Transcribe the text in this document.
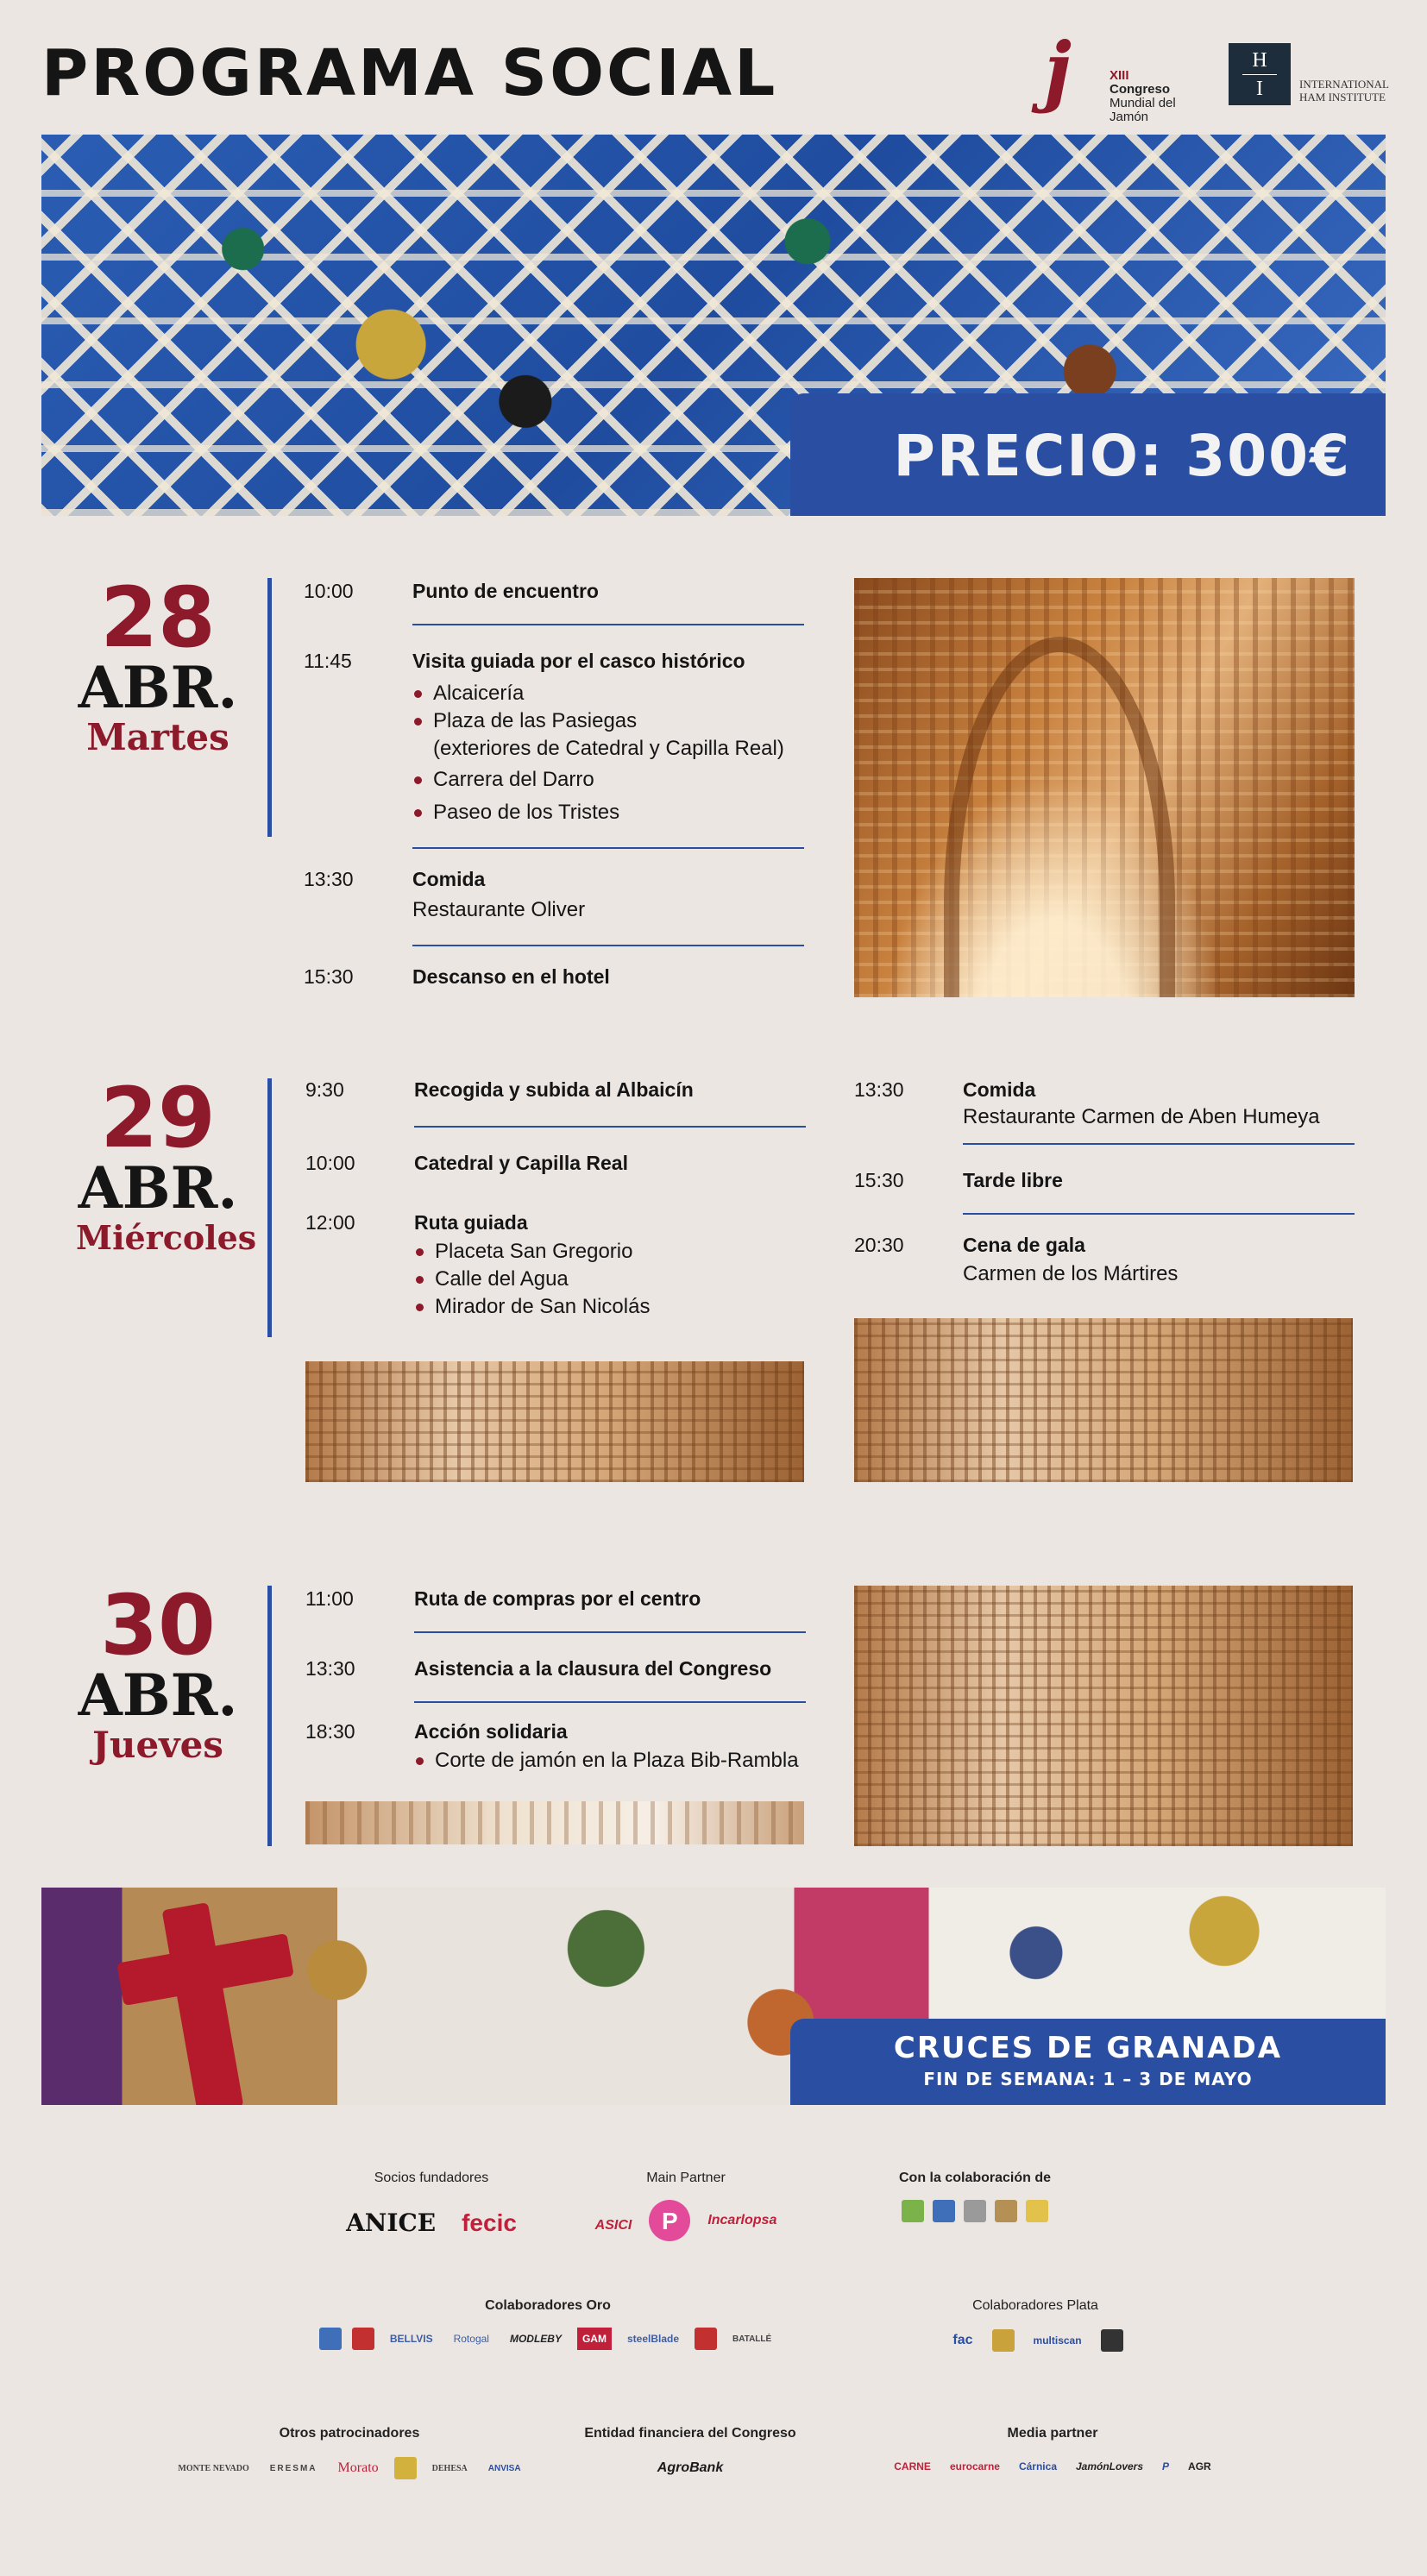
PROGRAMA SOCIAL	j	XIII
Congreso
Mundial del Jamón
H
I	INTERNATIONAL
HAM INSTITUTE
PRECIO: 300€
28
ABR.
Martes
10:00	Punto de encuentro
11:45	Visita guiada por el casco histórico
Alcaicería
Plaza de las Pasiegas
(exteriores de Catedral y Capilla Real)
Carrera del Darro
Paseo de los Tristes
13:30	Comida
Restaurante Oliver
15:30	Descanso en el hotel
29
ABR.
Miércoles
9:30	Recogida y subida al Albaicín
10:00	Catedral y Capilla Real
12:00	Ruta guiada
Placeta San Gregorio
Calle del Agua
Mirador de San Nicolás
13:30	Comida
Restaurante Carmen de Aben Humeya
15:30	Tarde libre
20:30	Cena de gala
Carmen de los Mártires
30
ABR.
Jueves
11:00	Ruta de compras por el centro
13:30	Asistencia a la clausura del Congreso
18:30	Acción solidaria
Corte de jamón en la Plaza Bib-Rambla
CRUCES DE GRANADA
FIN DE SEMANA: 1 – 3 DE MAYO
Socios fundadores
ANICE fecic
Main Partner
ASICI	P	Incarlopsa
Con la colaboración de
Colaboradores Oro
BELLVIS	Rotogal	MODLEBY	GAM	steelBlade	BATALLÉ
Colaboradores Plata
fac	multiscan
Otros patrocinadores
MONTE NEVADO	ERESMA	Morato	DEHESA	ANVISA
Entidad financiera del Congreso
AgroBank
Media partner
CARNE	eurocarne	Cárnica	JamónLovers	P	AGR
